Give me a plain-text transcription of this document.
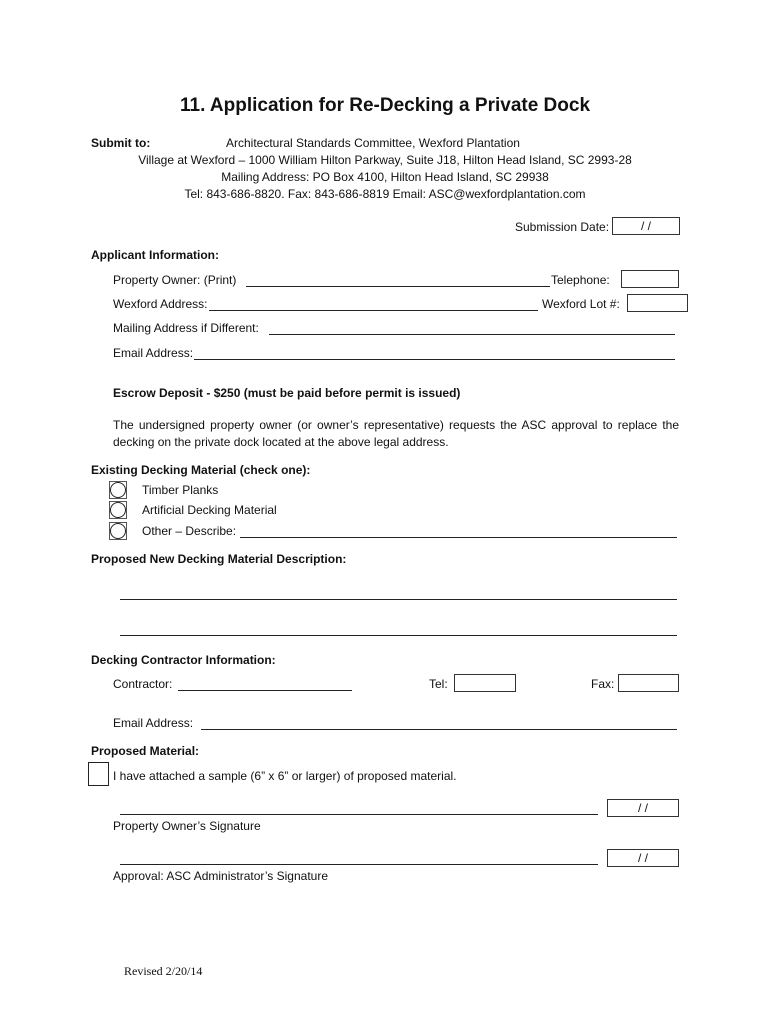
11. Application for Re-Decking a Private Dock
Submit to:	Architectural Standards Committee, Wexford Plantation
Village at Wexford – 1000 William Hilton Parkway, Suite J18, Hilton Head Island, SC 2993-28
Mailing Address: PO Box 4100, Hilton Head Island, SC 29938
Tel: 843-686-8820. Fax: 843-686-8819 Email: ASC@wexfordplantation.com
Submission Date:	/ /
Applicant Information:
Property Owner: (Print)	Telephone:
Wexford Address:	Wexford Lot #:
Mailing Address if Different:
Email Address:
Escrow Deposit - $250 (must be paid before permit is issued)
The undersigned property owner (or owner’s representative) requests the ASC approval to replace the decking on the private dock located at the above legal address.
Existing Decking Material (check one):
Timber Planks
Artificial Decking Material
Other – Describe:
Proposed New Decking Material Description:
Decking Contractor Information:
Contractor:	Tel:	Fax:
Email Address:
Proposed Material:
I have attached a sample (6” x 6” or larger) of proposed material.
/ /
Property Owner’s Signature
/ /
Approval: ASC Administrator’s Signature
Revised 2/20/14
